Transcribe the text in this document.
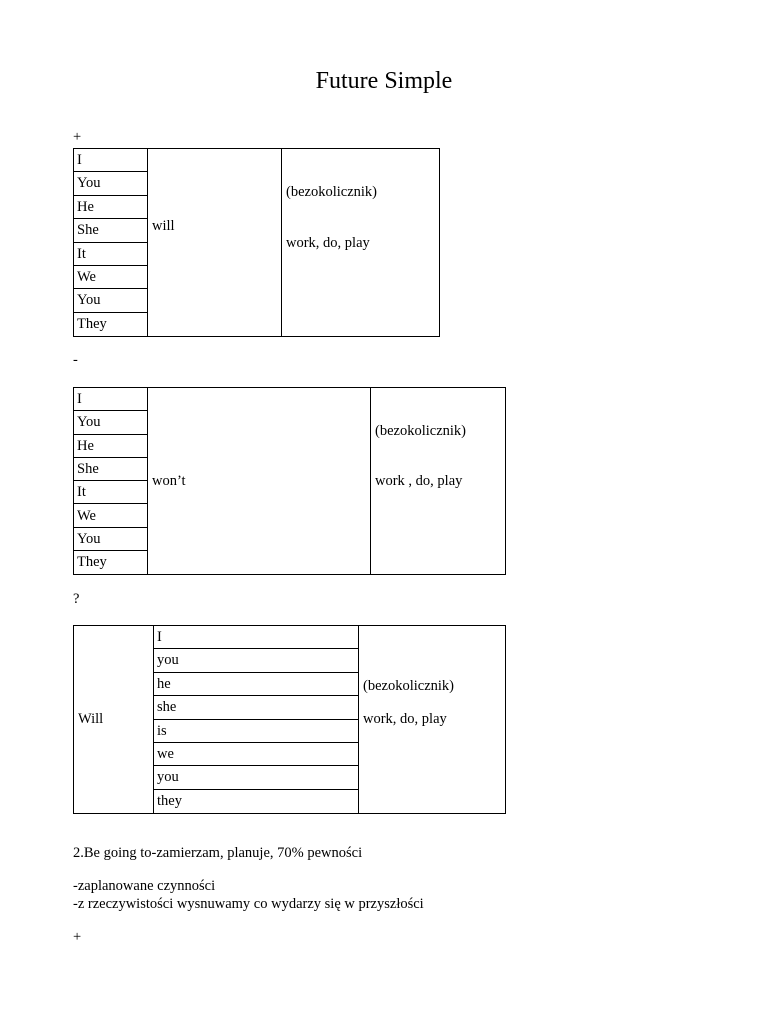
Future Simple
+
I
You
He
She
It
We
You
They
will
(bezokolicznik)
work, do, play
-
I
You
He
She
It
We
You
They
won’t
(bezokolicznik)
work , do, play
?
Will
I
you
he
she
is
we
you
they
(bezokolicznik)
work, do, play
2.Be going to-zamierzam, planuje, 70% pewności
-zaplanowane czynności
-z rzeczywistości wysnuwamy co wydarzy się w przyszłości
+
